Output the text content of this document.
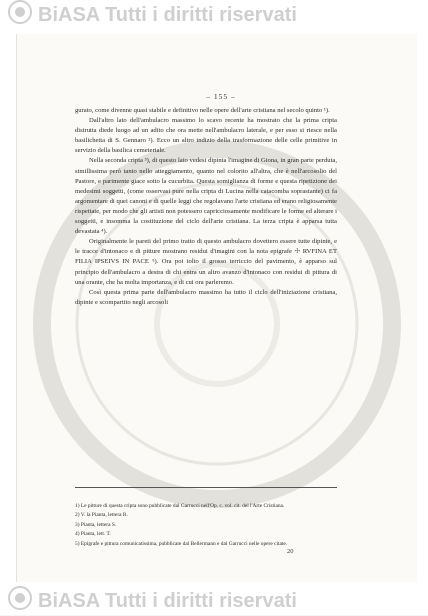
BiASA Tutti i diritti riservati
– 155 –

gurato, come divenne quasi stabile e definitivo nelle opere dell'arte cristiana nel secolo quinto ¹).

Dall'altro lato dell'ambulacro massimo lo scavo recente ha mostrato che la prima cripta distrutta diede luogo ad un adito che ora mette nell'ambulacro laterale, e per esso si riesce nella basilichetta di S. Gennaro ²). Ecco un altro indizio della trasformazione delle celle primitive in servizio della basilica cemeteriale.

Nella seconda cripta ³), di questo lato vedesi dipinta l'imagine di Giona, in gran parte perduta, simillissima però tanto nello atteggiamento, quanto nel colorito all'altra, che è nell'arcosolio del Pastore, e parimente giace sotto la cucurbita. Questa somiglianza di forme e questa ripetizione dei medesimi soggetti, (come osservasi pure nella cripta di Lucina nella catacomba soprastante) ci fa argomentare di quei canoni e di quelle leggi che regolavano l'arte cristiana ed erano religiosamente rispettate, per modo che gli artisti non potessero capricciosamente modificare le forme ed alterare i soggetti, e insomma la costituzione del ciclo dell'arte cristiana. La terza cripta è apparsa tutta devastata ⁴).

Originalmente le pareti del primo tratto di questo ambulacro dovettero essere tutte dipinte, e le tracce d'intonaco e di pitture mostrano residui d'imagini con la nota epigrafe ☩ RVFINA ET FILIA IPSEIVS IN PACE ⁵). Ora poi tolto il grosso terriccio del pavimento, è apparso sul principio dell'ambulacro a destra di chi entra un altro avanzo d'intonaco con residui di pittura di una orante, che ha molta importanza, e di cui ora parleremo.

Così questa prima parte dell'ambulacro massimo ha tutto il ciclo dell'iniziazione cristiana, dipinte e scompartito negli arcosoli

1) Le pitture di questa cripta sono pubblicate dal Garrucci nell'Op. c. vol. cit. del l'Arte Cristiana.

2) V. la Pianta, lettera R.

3) Pianta, lettera S.

4) Pianta, lett. T.

5) Epigrafe e pittura comunicatissima, pubblicate dal Bellermann e dal Garrucci nelle opere citate.

20
BiASA Tutti i diritti riservati
